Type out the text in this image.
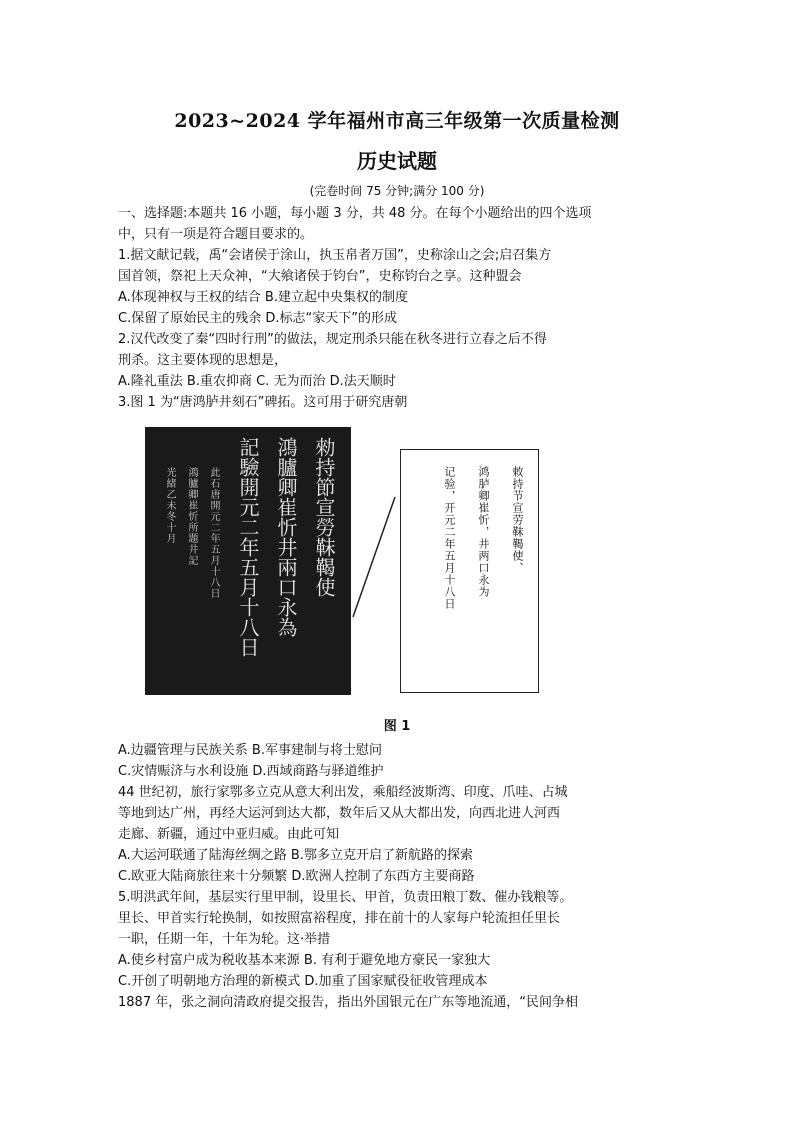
2023~2024 学年福州市高三年级第一次质量检测
历史试题
(完卷时间 75 分钟;满分 100 分)
一、选择题:本题共 16 小题，每小题 3 分，共 48 分。在每个小题给出的四个选项
中，只有一项是符合题目要求的。
1.据文献记载，禹“会诸侯于涂山，执玉帛者万国”，史称涂山之会;启召集方
国首领，祭祀上天众神，“大飨诸侯于钧台”，史称钧台之享。这种盟会
A.体现神权与王权的结合 B.建立起中央集权的制度
C.保留了原始民主的残余 D.标志“家天下”的形成
2.汉代改变了秦“四时行刑”的做法，规定刑杀只能在秋冬进行立春之后不得
刑杀。这主要体现的思想是，
A.隆礼重法 B.重农抑商 C. 无为而治 D.法天顺时
3.图 1 为“唐鸿胪井刻石”碑拓。这可用于研究唐朝
勑持節宣勞靺鞨使
鴻臚卿崔忻井兩口永為
記驗開元二年五月十八日
此石唐開元二年五月十八日
鴻臚卿崔忻所題井記
光緒乙未冬十月	敕持节宣劳靺鞨使、
鸿胪卿崔忻，井两口永为
记验，开元二年五月十八日
图 1
A.边疆管理与民族关系 B.军事建制与将士慰问
C.灾情赈济与水利设施 D.西域商路与驿道维护
44 世纪初，旅行家鄂多立克从意大利出发，乘船经波斯湾、印度、爪哇、占城
等地到达广州，再经大运河到达大都，数年后又从大都出发，向西北进人河西
走廊、新疆，通过中亚归威。由此可知
A.大运河联通了陆海丝绸之路 B.鄂多立克开启了新航路的探索
C.欧亚大陆商旅往来十分频繁 D.欧洲人控制了东西方主要商路
5.明洪武年间，基层实行里甲制，设里长、甲首，负责田粮丁数、催办钱粮等。
里长、甲首实行轮换制，如按照富裕程度，排在前十的人家每户轮流担任里长
一职，任期一年，十年为轮。这·举措
A.使乡村富户成为税收基本来源 B. 有利于避免地方豪民一家独大
C.开创了明朝地方治理的新模式 D.加重了国家赋役征收管理成本
1887 年，张之洞向清政府提交报告，指出外国银元在广东等地流通，“民间争相
